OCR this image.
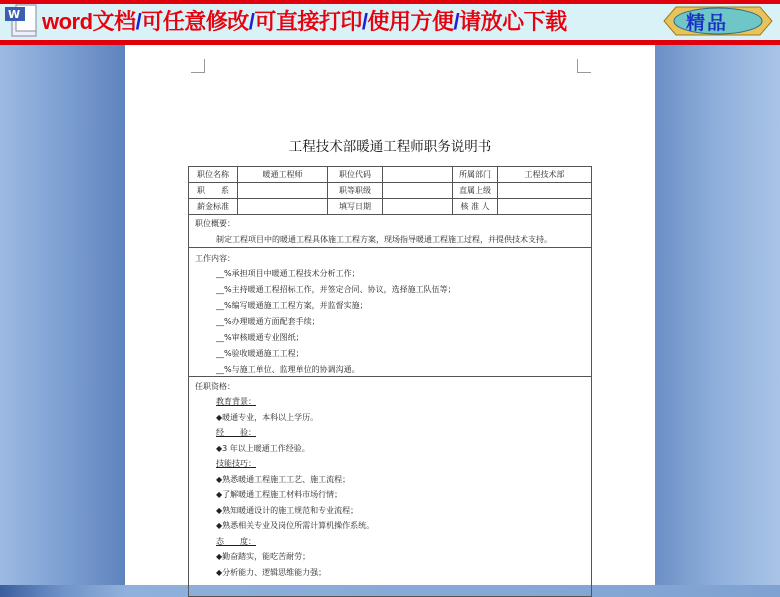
W word文档/可任意修改/可直接打印/使用方便/请放心下载	精品
工程技术部暖通工程师职务说明书
职位名称	暖通工程师	职位代码		所属部门	工程技术部
职　　系		职等职级		直属上级	
薪金标准		填写日期		核 准 人	
职位概要：
制定工程项目中的暖通工程具体施工工程方案，现场指导暖通工程施工过程，并提供技术支持。
工作内容：
__%承担项目中暖通工程技术分析工作；
__%主持暖通工程招标工作，并签定合同、协议，选择施工队伍等；
__%编写暖通施工工程方案，并监督实施；
__%办理暖通方面配套手续；
__%审核暖通专业图纸；
__%验收暖通施工工程；
__%与施工单位、监理单位的协调沟通。
任职资格：
教育背景：
◆暖通专业，本科以上学历。
经　　验：
◆3 年以上暖通工作经验。
技能技巧：
◆熟悉暖通工程施工工艺、施工流程；
◆了解暖通工程施工材料市场行情；
◆熟知暖通设计的施工规范和专业流程；
◆熟悉相关专业及岗位所需计算机操作系统。
态　　度：
◆勤奋踏实，能吃苦耐劳；
◆分析能力、逻辑思维能力强；
